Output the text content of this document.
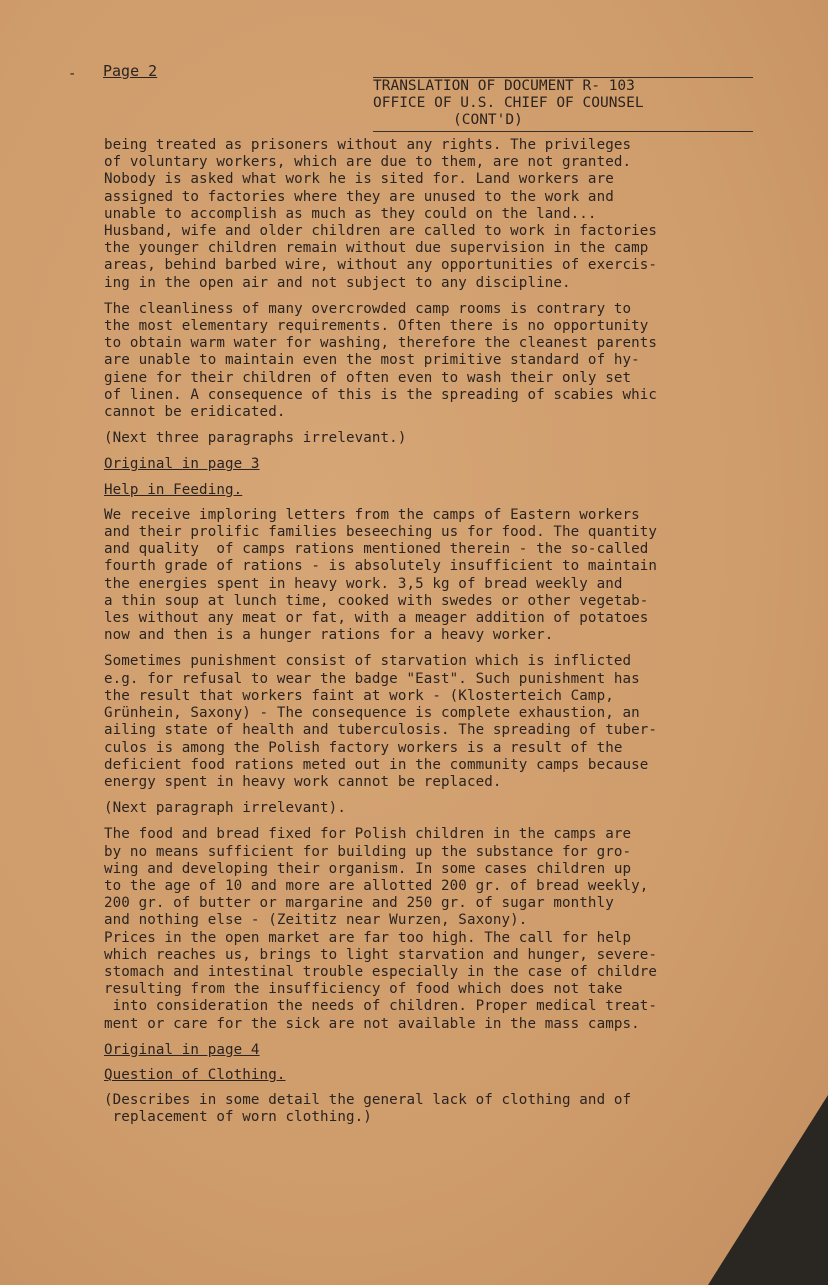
- Page 2
TRANSLATION OF DOCUMENT R- 103
OFFICE OF U.S. CHIEF OF COUNSEL
(CONT'D)

being treated as prisoners without any rights. The privileges
of voluntary workers, which are due to them, are not granted.
Nobody is asked what work he is sited for. Land workers are
assigned to factories where they are unused to the work and
unable to accomplish as much as they could on the land...
Husband, wife and older children are called to work in factories
the younger children remain without due supervision in the camp
areas, behind barbed wire, without any opportunities of exercis-
ing in the open air and not subject to any discipline.

The cleanliness of many overcrowded camp rooms is contrary to
the most elementary requirements. Often there is no opportunity
to obtain warm water for washing, therefore the cleanest parents
are unable to maintain even the most primitive standard of hy-
giene for their children of often even to wash their only set
of linen. A consequence of this is the spreading of scabies whic
cannot be eridicated.

(Next three paragraphs irrelevant.)

Original in page 3
Help in Feeding.

We receive imploring letters from the camps of Eastern workers
and their prolific families beseeching us for food. The quantity
and quality  of camps rations mentioned therein - the so-called
fourth grade of rations - is absolutely insufficient to maintain
the energies spent in heavy work. 3,5 kg of bread weekly and
a thin soup at lunch time, cooked with swedes or other vegetab-
les without any meat or fat, with a meager addition of potatoes
now and then is a hunger rations for a heavy worker.

Sometimes punishment consist of starvation which is inflicted
e.g. for refusal to wear the badge "East". Such punishment has
the result that workers faint at work - (Klosterteich Camp,
Grünhein, Saxony) - The consequence is complete exhaustion, an
ailing state of health and tuberculosis. The spreading of tuber-
culos is among the Polish factory workers is a result of the
deficient food rations meted out in the community camps because
energy spent in heavy work cannot be replaced.

(Next paragraph irrelevant).

The food and bread fixed for Polish children in the camps are
by no means sufficient for building up the substance for gro-
wing and developing their organism. In some cases children up
to the age of 10 and more are allotted 200 gr. of bread weekly,
200 gr. of butter or margarine and 250 gr. of sugar monthly
and nothing else - (Zeititz near Wurzen, Saxony).
Prices in the open market are far too high. The call for help
which reaches us, brings to light starvation and hunger, severe-
stomach and intestinal trouble especially in the case of childre
resulting from the insufficiency of food which does not take
into consideration the needs of children. Proper medical treat-
ment or care for the sick are not available in the mass camps.

Original in page 4
Question of Clothing.

(Describes in some detail the general lack of clothing and of
replacement of worn clothing.)
